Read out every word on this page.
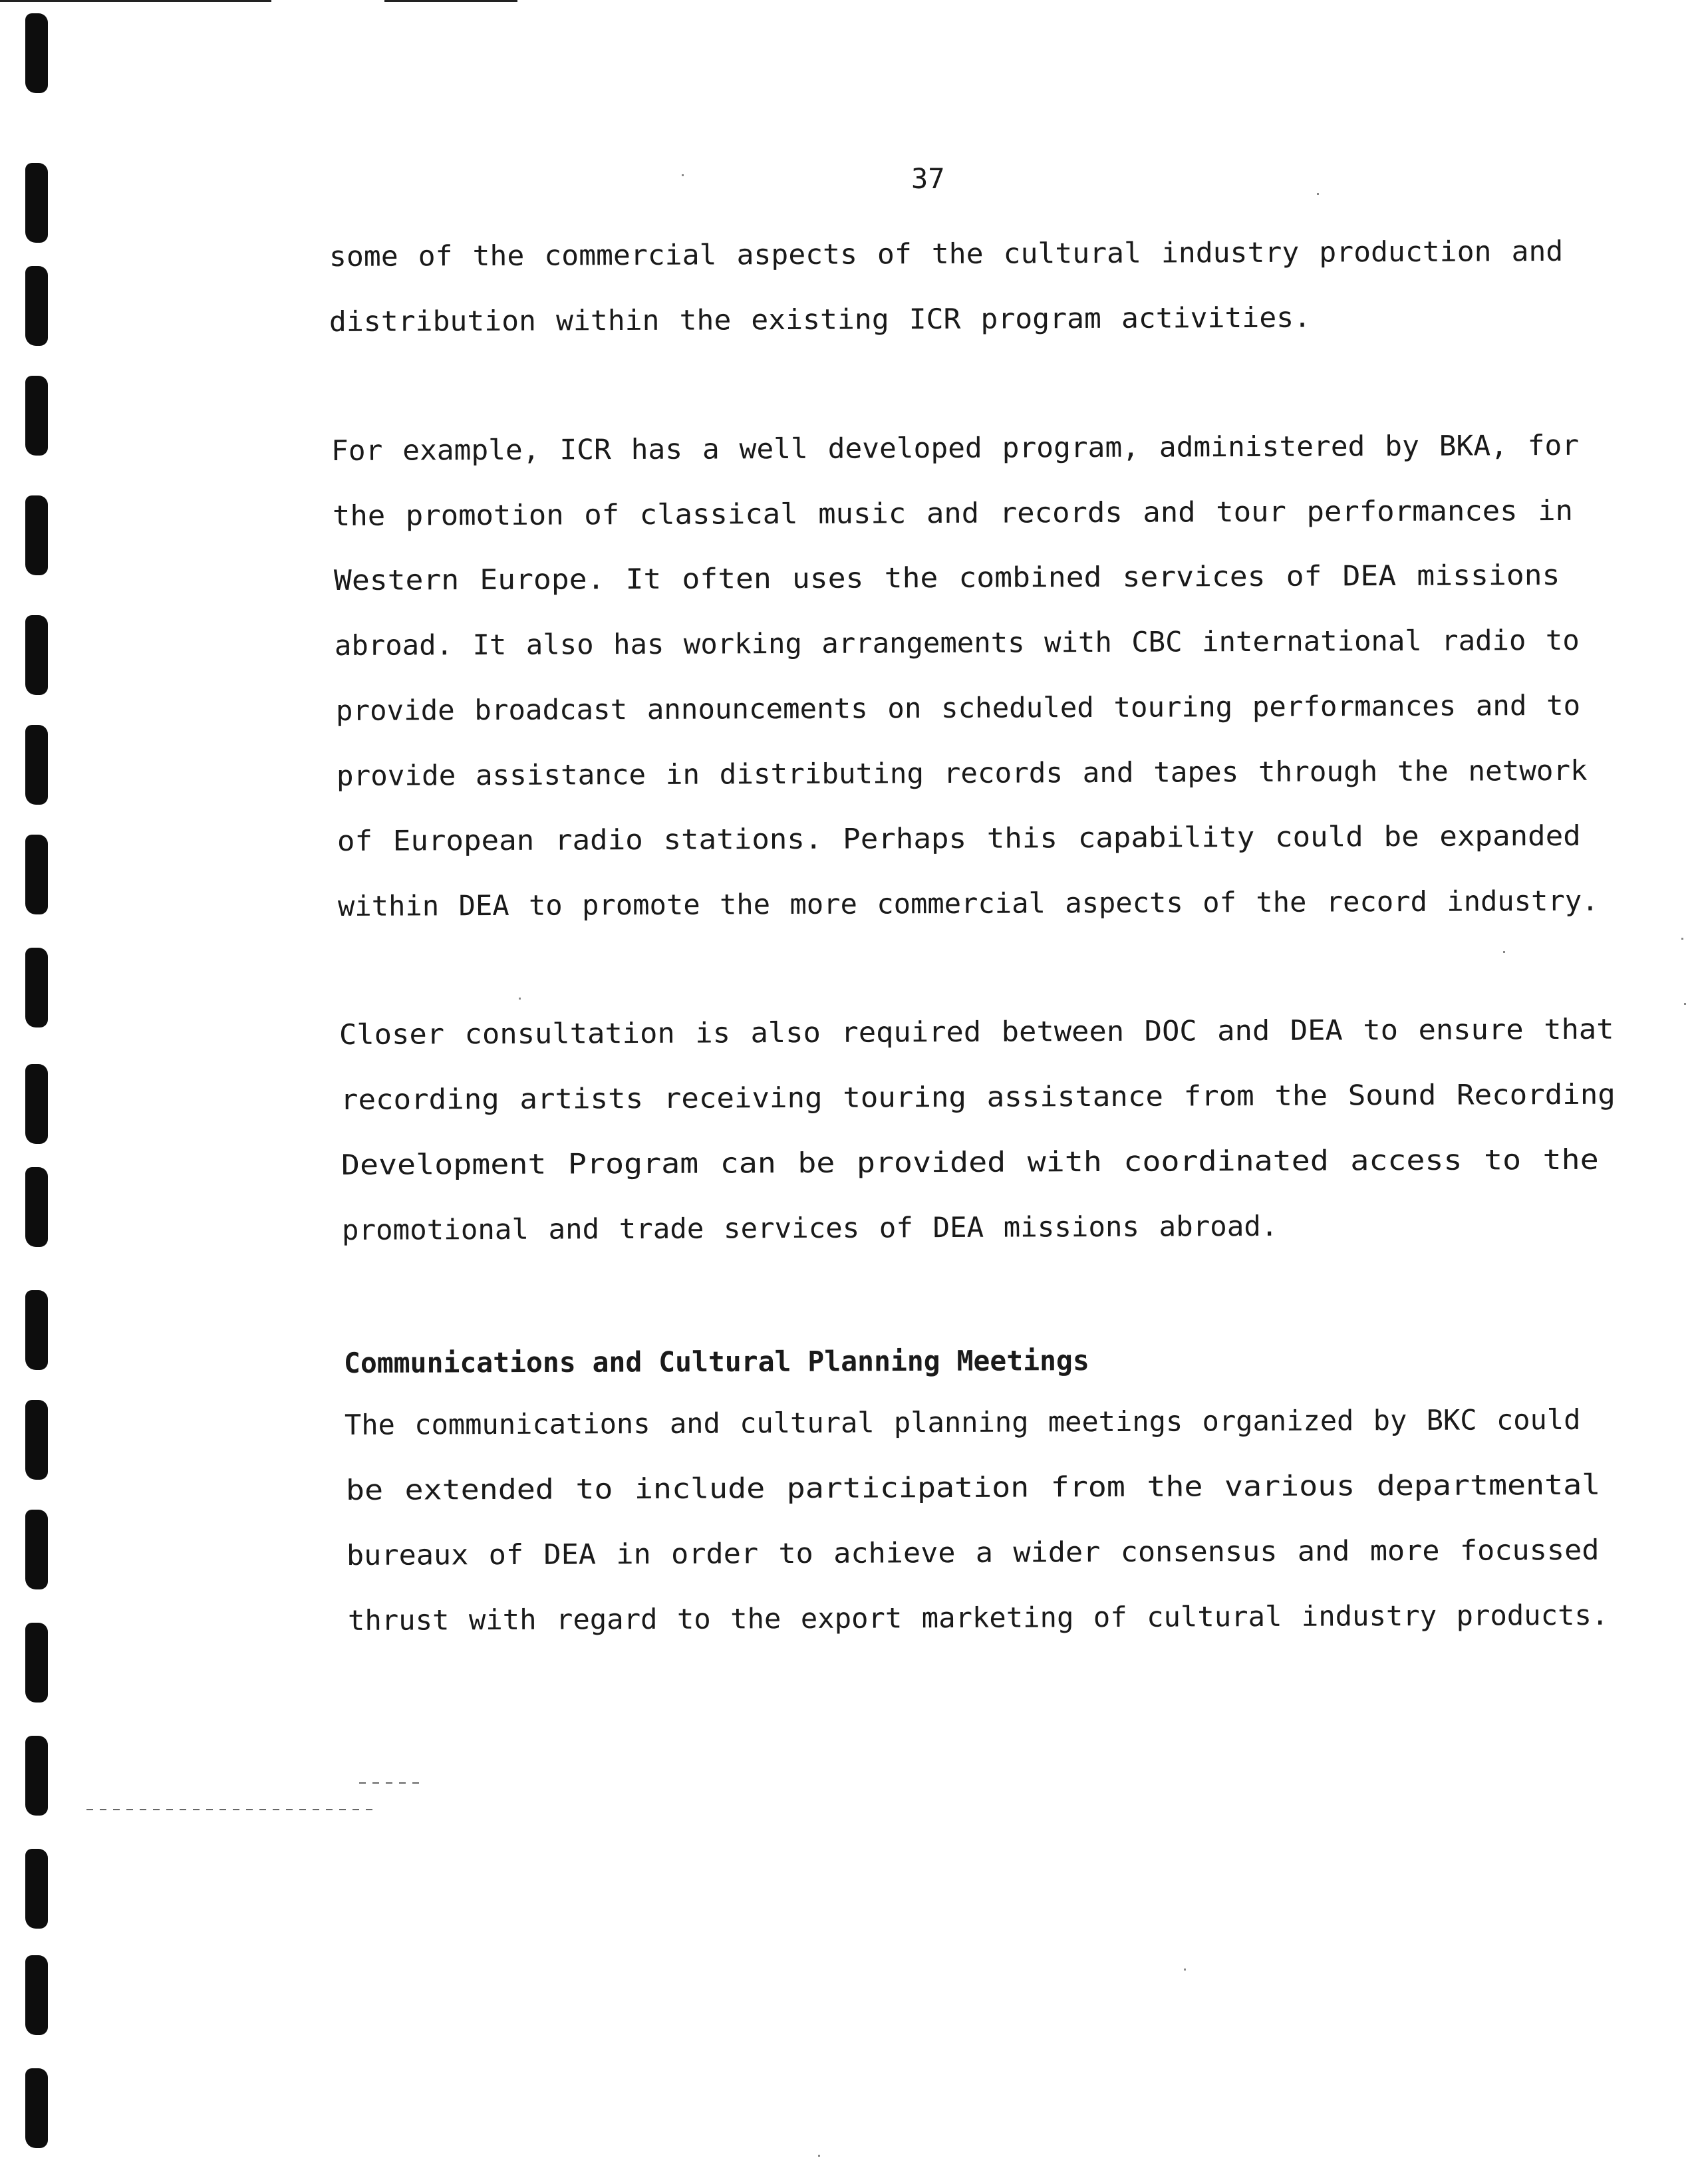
37
some of the commercial aspects of the cultural industry production and
distribution within the existing ICR program activities.
For example, ICR has a well developed program, administered by BKA, for
the promotion of classical music and records and tour performances in
Western Europe. It often uses the combined services of DEA missions
abroad. It also has working arrangements with CBC international radio to
provide broadcast announcements on scheduled touring performances and to
provide assistance in distributing records and tapes through the network
of European radio stations. Perhaps this capability could be expanded
within DEA to promote the more commercial aspects of the record industry.
Closer consultation is also required between DOC and DEA to ensure that
recording artists receiving touring assistance from the Sound Recording
Development Program can be provided with coordinated access to the
promotional and trade services of DEA missions abroad.
Communications and Cultural Planning Meetings
The communications and cultural planning meetings organized by BKC could
be extended to include participation from the various departmental
bureaux of DEA in order to achieve a wider consensus and more focussed
thrust with regard to the export marketing of cultural industry products.
